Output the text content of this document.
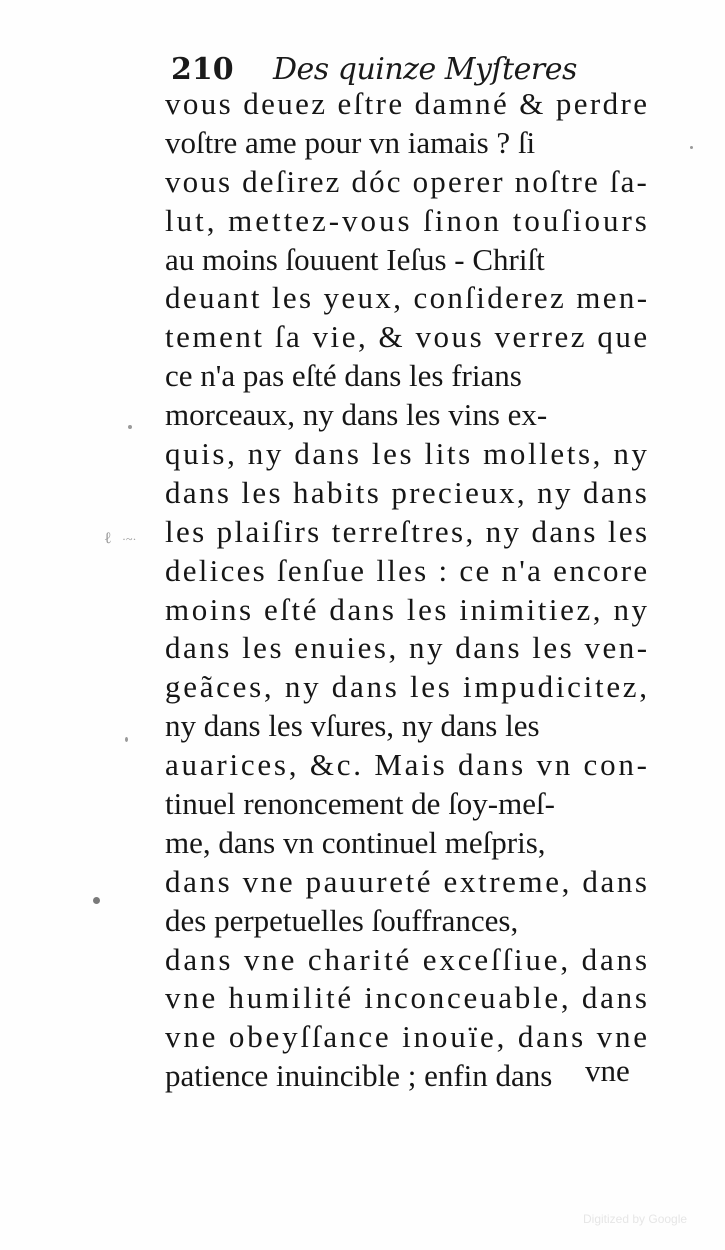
210 Des quinze Myſteres
vous deuez eſtre damné & perdre
voſtre ame pour vn iamais ? ſi
vous deſirez dóc operer noſtre ſa-
lut, mettez-vous ſinon touſiours
au moins ſouuent Ieſus - Chriſt
deuant les yeux, conſiderez men-
tement ſa vie, & vous verrez que
ce n'a pas eſté dans les frians
morceaux, ny dans les vins ex-
quis, ny dans les lits mollets, ny
dans les habits precieux, ny dans
les plaiſirs terreſtres, ny dans les
delices ſenſue lles : ce n'a encore
moins eſté dans les inimitiez, ny
dans les enuies, ny dans les ven-
geãces, ny dans les impudicitez,
ny dans les vſures, ny dans les
auarices, &c. Mais dans vn con-
tinuel renoncement de ſoy-meſ-
me, dans vn continuel meſpris,
dans vne pauureté extreme, dans
des perpetuelles ſouffrances,
dans vne charité exceſſiue, dans
vne humilité inconceuable, dans
vne obeyſſance inouïe, dans vne
patience inuincible ; enfin dans	vne
ℓ ·~·
Digitized by Google
